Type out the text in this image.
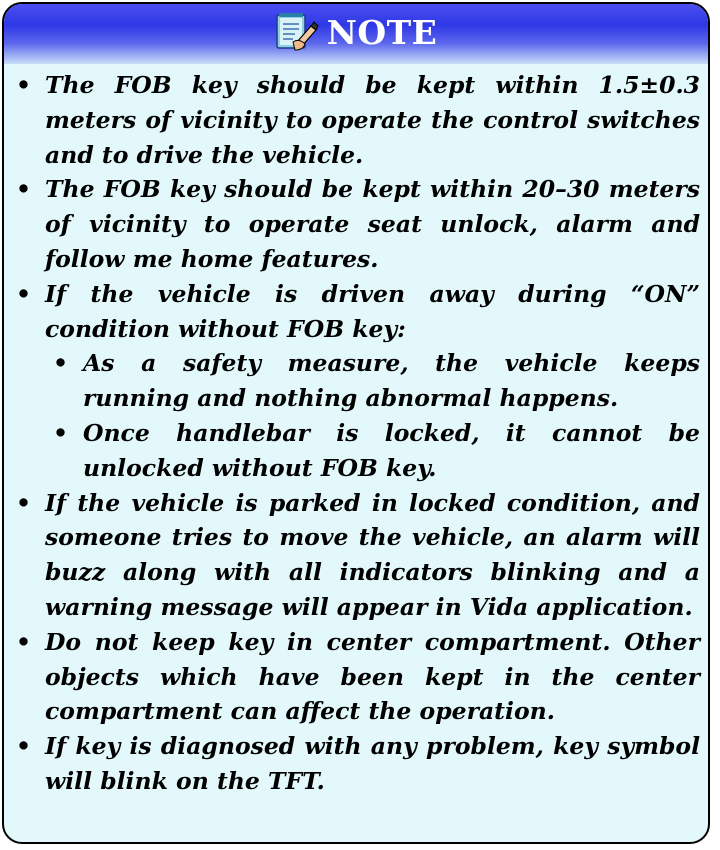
NOTE
• The FOB key should be kept within 1.5±0.3 meters of vicinity to operate the control switches and to drive the vehicle.
• The FOB key should be kept within 20–30 meters of vicinity to operate seat unlock, alarm and follow me home features.
• If the vehicle is driven away during “ON” condition without FOB key:
• As a safety measure, the vehicle keeps running and nothing abnormal happens.
• Once handlebar is locked, it cannot be unlocked without FOB key.
• If the vehicle is parked in locked condition, and someone tries to move the vehicle, an alarm will buzz along with all indicators blinking and a warning message will appear in Vida application.
• Do not keep key in center compartment. Other objects which have been kept in the center compartment can affect the operation.
• If key is diagnosed with any problem, key symbol will blink on the TFT.
